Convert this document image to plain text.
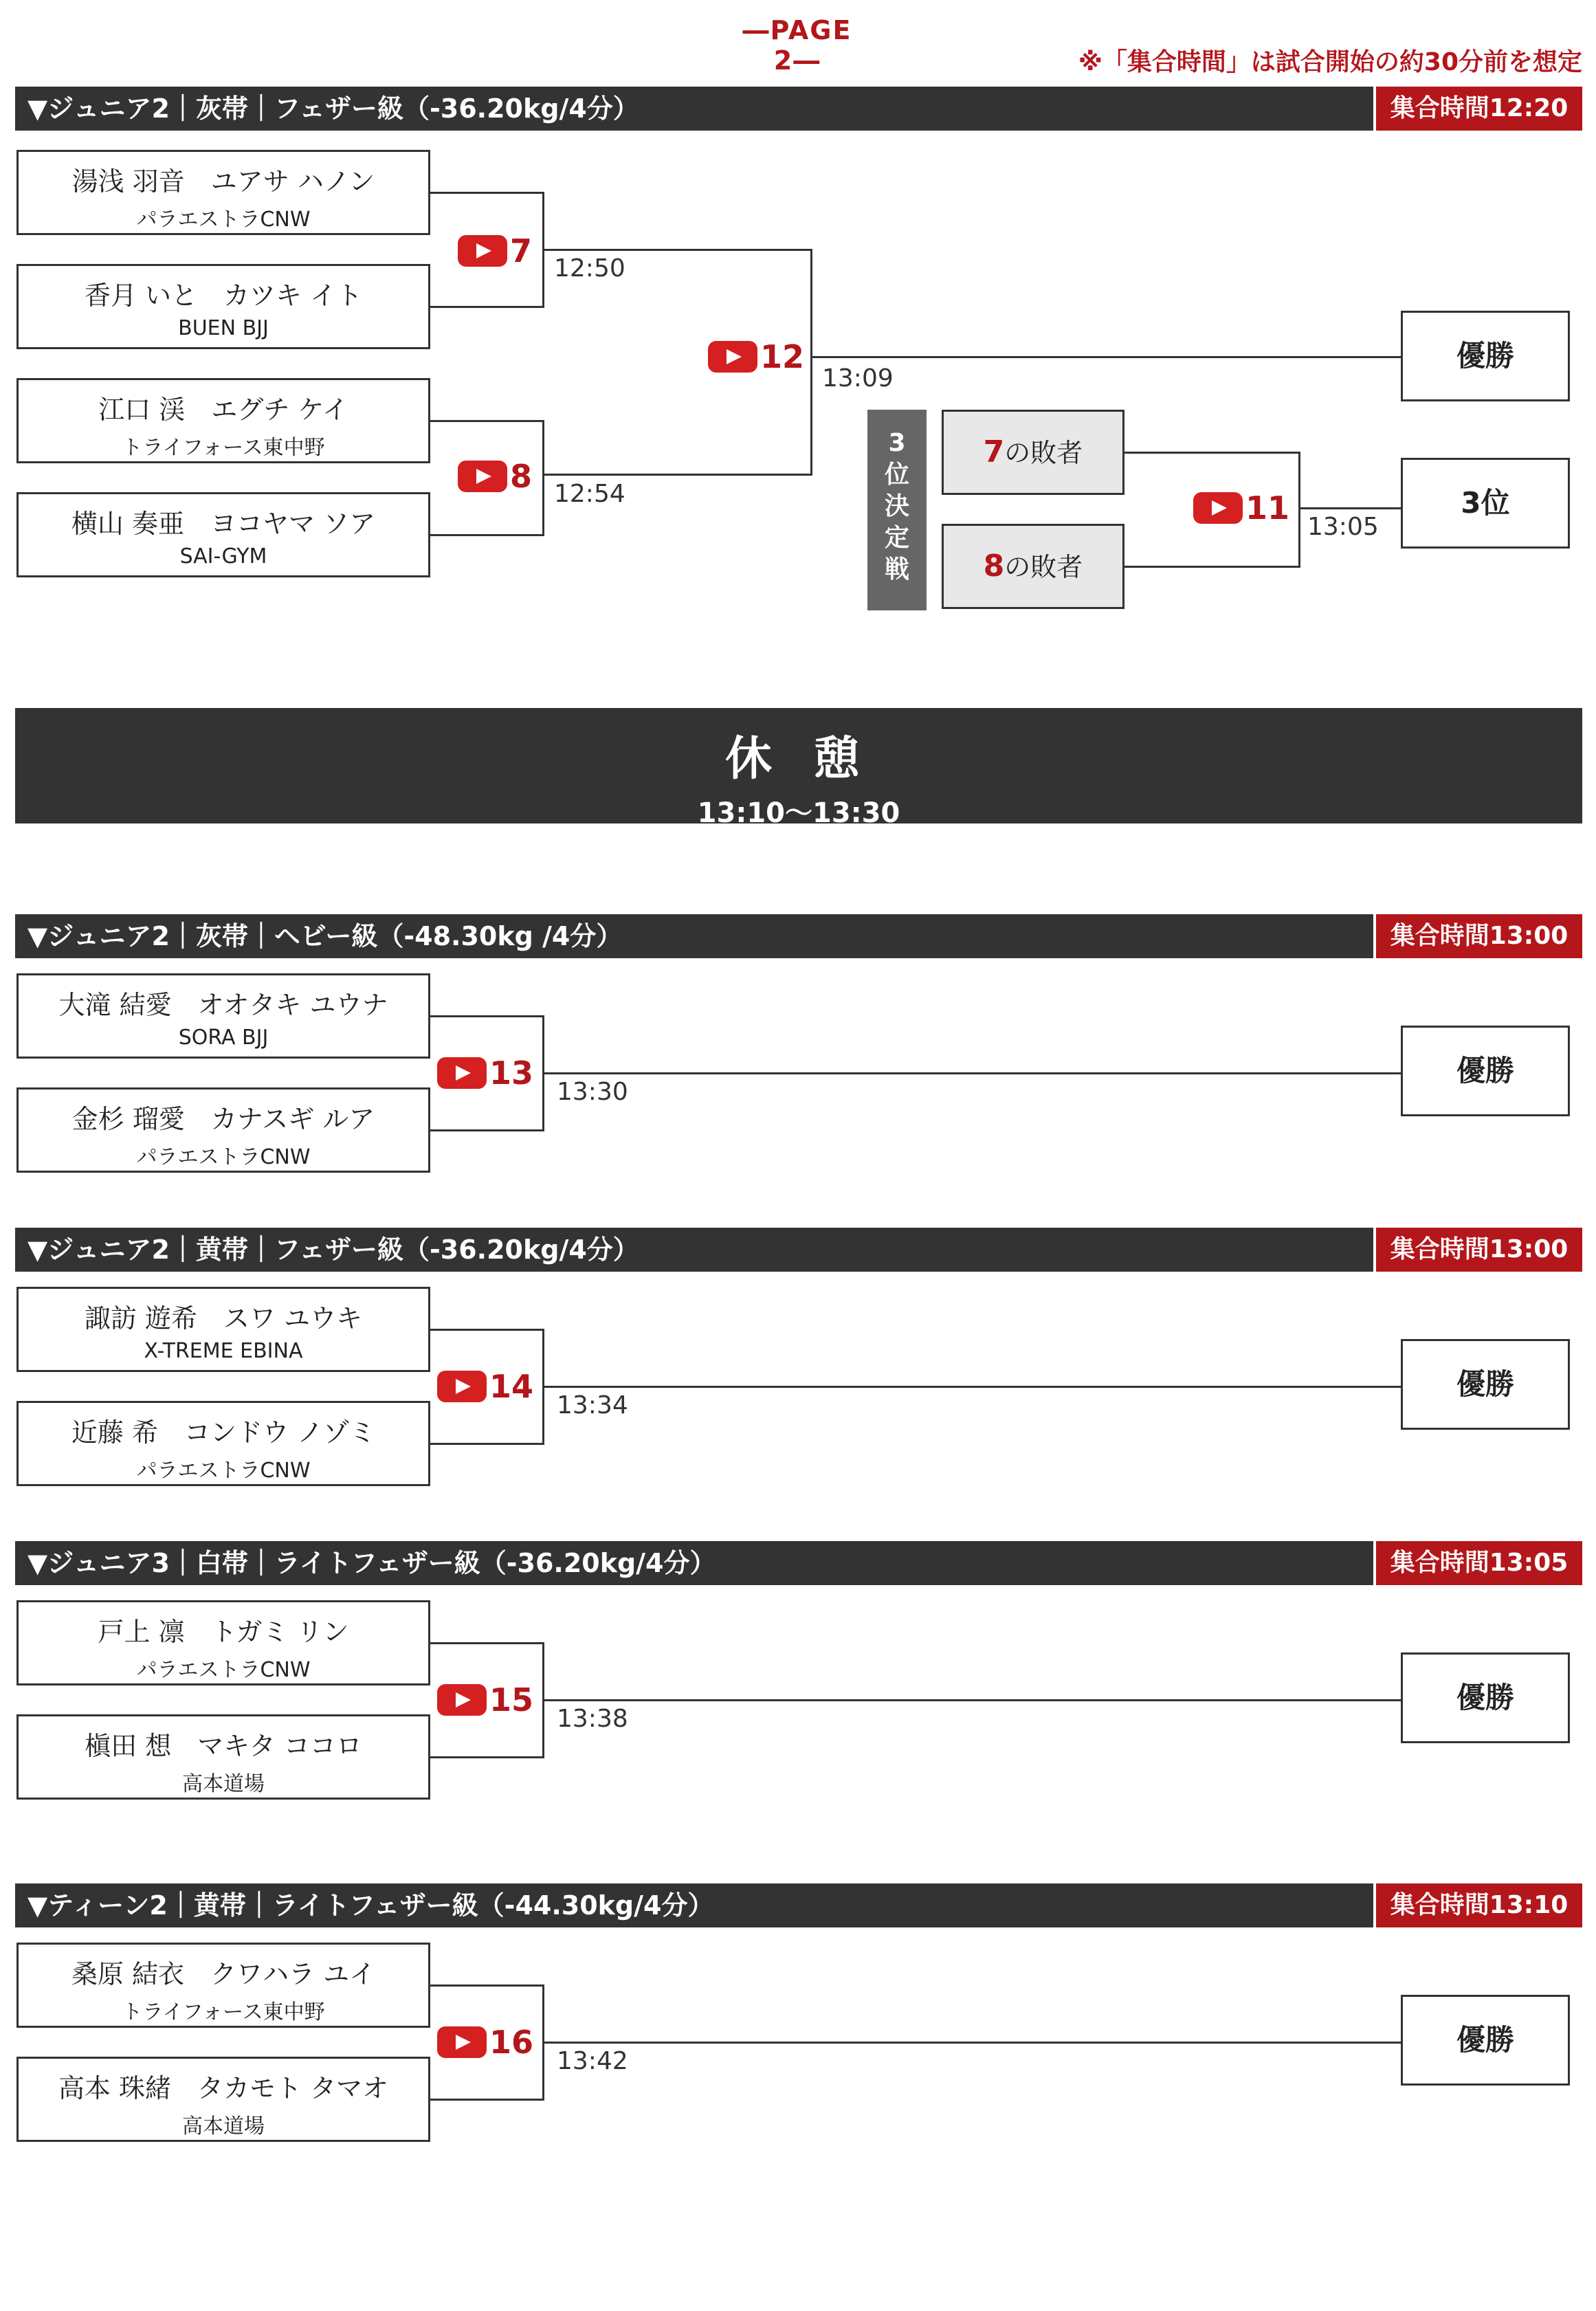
―PAGE 2―	※「集合時間」は試合開始の約30分前を想定
▼ジュニア2｜灰帯｜フェザー級（-36.20kg/4分）	集合時間12:20
湯浅 羽音　ユアサ ハノン
パラエストラCNW
香月 いと　カツキ イト
BUEN BJJ
江口 渓　エグチ ケイ
トライフォース東中野
横山 奏亜　ヨコヤマ ソア
SAI-GYM
7 12:50
8 12:54
12
13:09
優勝
3
位
決
定
戦
7の敗者
8の敗者
11
13:05
3位
休 憩
13:10〜13:30
▼ジュニア2｜灰帯｜ヘビー級（-48.30kg /4分）	集合時間13:00
大滝 結愛　オオタキ ユウナ
SORA BJJ
金杉 瑠愛　カナスギ ルア
パラエストラCNW
13
13:30
優勝
▼ジュニア2｜黄帯｜フェザー級（-36.20kg/4分）	集合時間13:00
諏訪 遊希　スワ ユウキ
X-TREME EBINA
近藤 希　コンドウ ノゾミ
パラエストラCNW
14
13:34
優勝
▼ジュニア3｜白帯｜ライトフェザー級（-36.20kg/4分）	集合時間13:05
戸上 凛　トガミ リン
パラエストラCNW
槇田 想　マキタ ココロ
高本道場
15
13:38
優勝
▼ティーン2｜黄帯｜ライトフェザー級（-44.30kg/4分）	集合時間13:10
桑原 結衣　クワハラ ユイ
トライフォース東中野
高本 珠緒　タカモト タマオ
高本道場
16
13:42
優勝
